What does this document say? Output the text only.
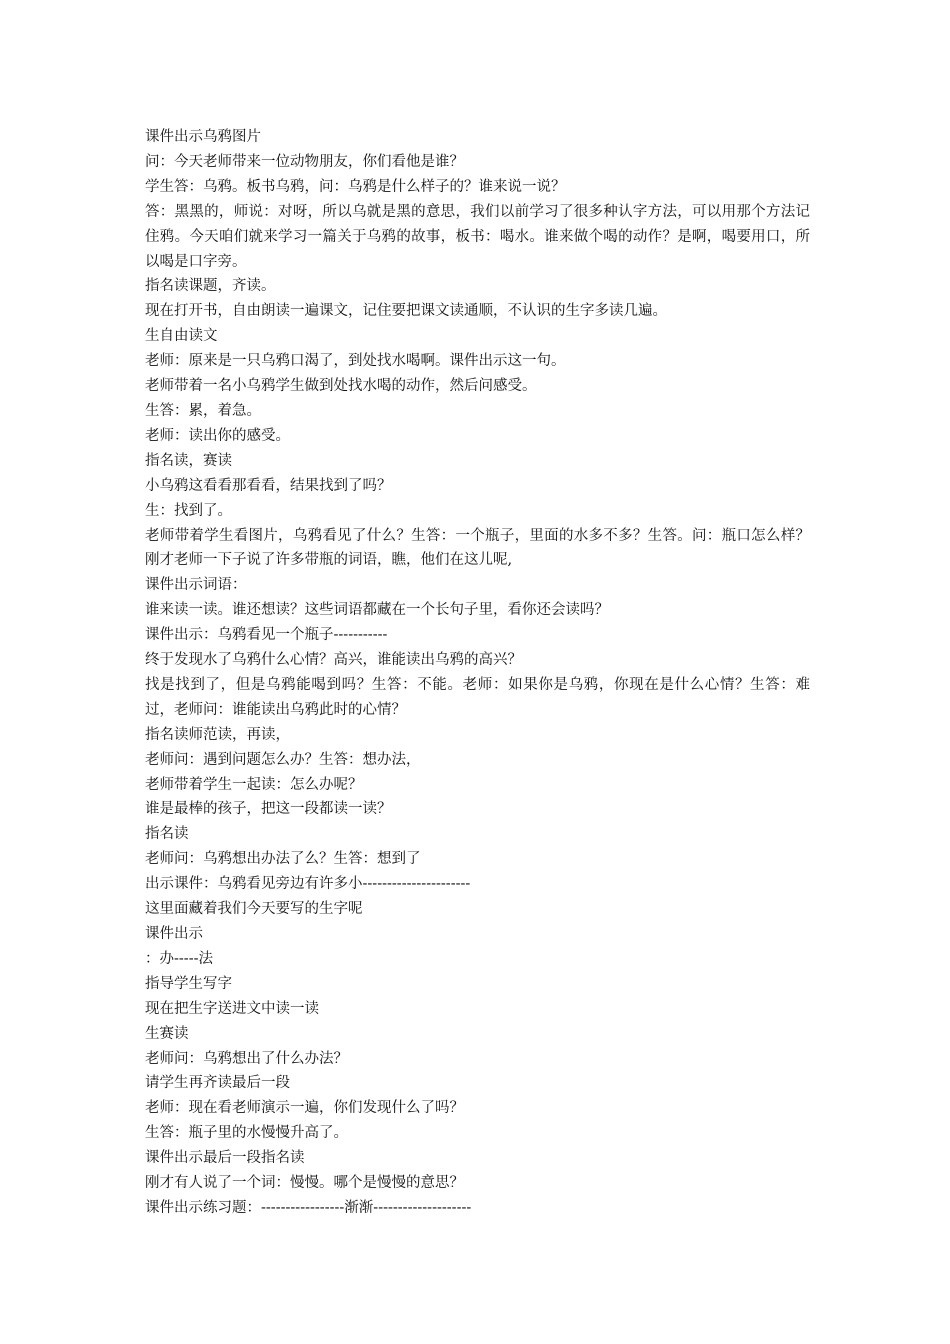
课件出示乌鸦图片

问：今天老师带来一位动物朋友，你们看他是谁？

学生答：乌鸦。板书乌鸦，问：乌鸦是什么样子的？谁来说一说？

答：黑黑的，师说：对呀，所以乌就是黑的意思，我们以前学习了很多种认字方法，可以用那个方法记住鸦。今天咱们就来学习一篇关于乌鸦的故事，板书：喝水。谁来做个喝的动作？是啊，喝要用口，所以喝是口字旁。

指名读课题，齐读。

现在打开书，自由朗读一遍课文，记住要把课文读通顺，不认识的生字多读几遍。

生自由读文

老师：原来是一只乌鸦口渴了，到处找水喝啊。课件出示这一句。

老师带着一名小乌鸦学生做到处找水喝的动作，然后问感受。

生答：累，着急。

老师：读出你的感受。

指名读，赛读

小乌鸦这看看那看看，结果找到了吗？

生：找到了。

老师带着学生看图片，乌鸦看见了什么？生答：一个瓶子，里面的水多不多？生答。问：瓶口怎么样？刚才老师一下子说了许多带瓶的词语，瞧，他们在这儿呢,

课件出示词语：

谁来读一读。谁还想读？这些词语都藏在一个长句子里，看你还会读吗？

课件出示：乌鸦看见一个瓶子-----------

终于发现水了乌鸦什么心情？高兴，谁能读出乌鸦的高兴？

找是找到了，但是乌鸦能喝到吗？生答：不能。老师：如果你是乌鸦，你现在是什么心情？生答：难过，老师问：谁能读出乌鸦此时的心情？

指名读师范读，再读，

老师问：遇到问题怎么办？生答：想办法，

老师带着学生一起读：怎么办呢？

谁是最棒的孩子，把这一段都读一读？

指名读

老师问：乌鸦想出办法了么？生答：想到了

出示课件：乌鸦看见旁边有许多小----------------------

这里面藏着我们今天要写的生字呢

课件出示

：办-----法

指导学生写字

现在把生字送进文中读一读

生赛读

老师问：乌鸦想出了什么办法？

请学生再齐读最后一段

老师：现在看老师演示一遍，你们发现什么了吗？

生答：瓶子里的水慢慢升高了。

课件出示最后一段指名读

刚才有人说了一个词：慢慢。哪个是慢慢的意思？

课件出示练习题：-----------------渐渐--------------------
